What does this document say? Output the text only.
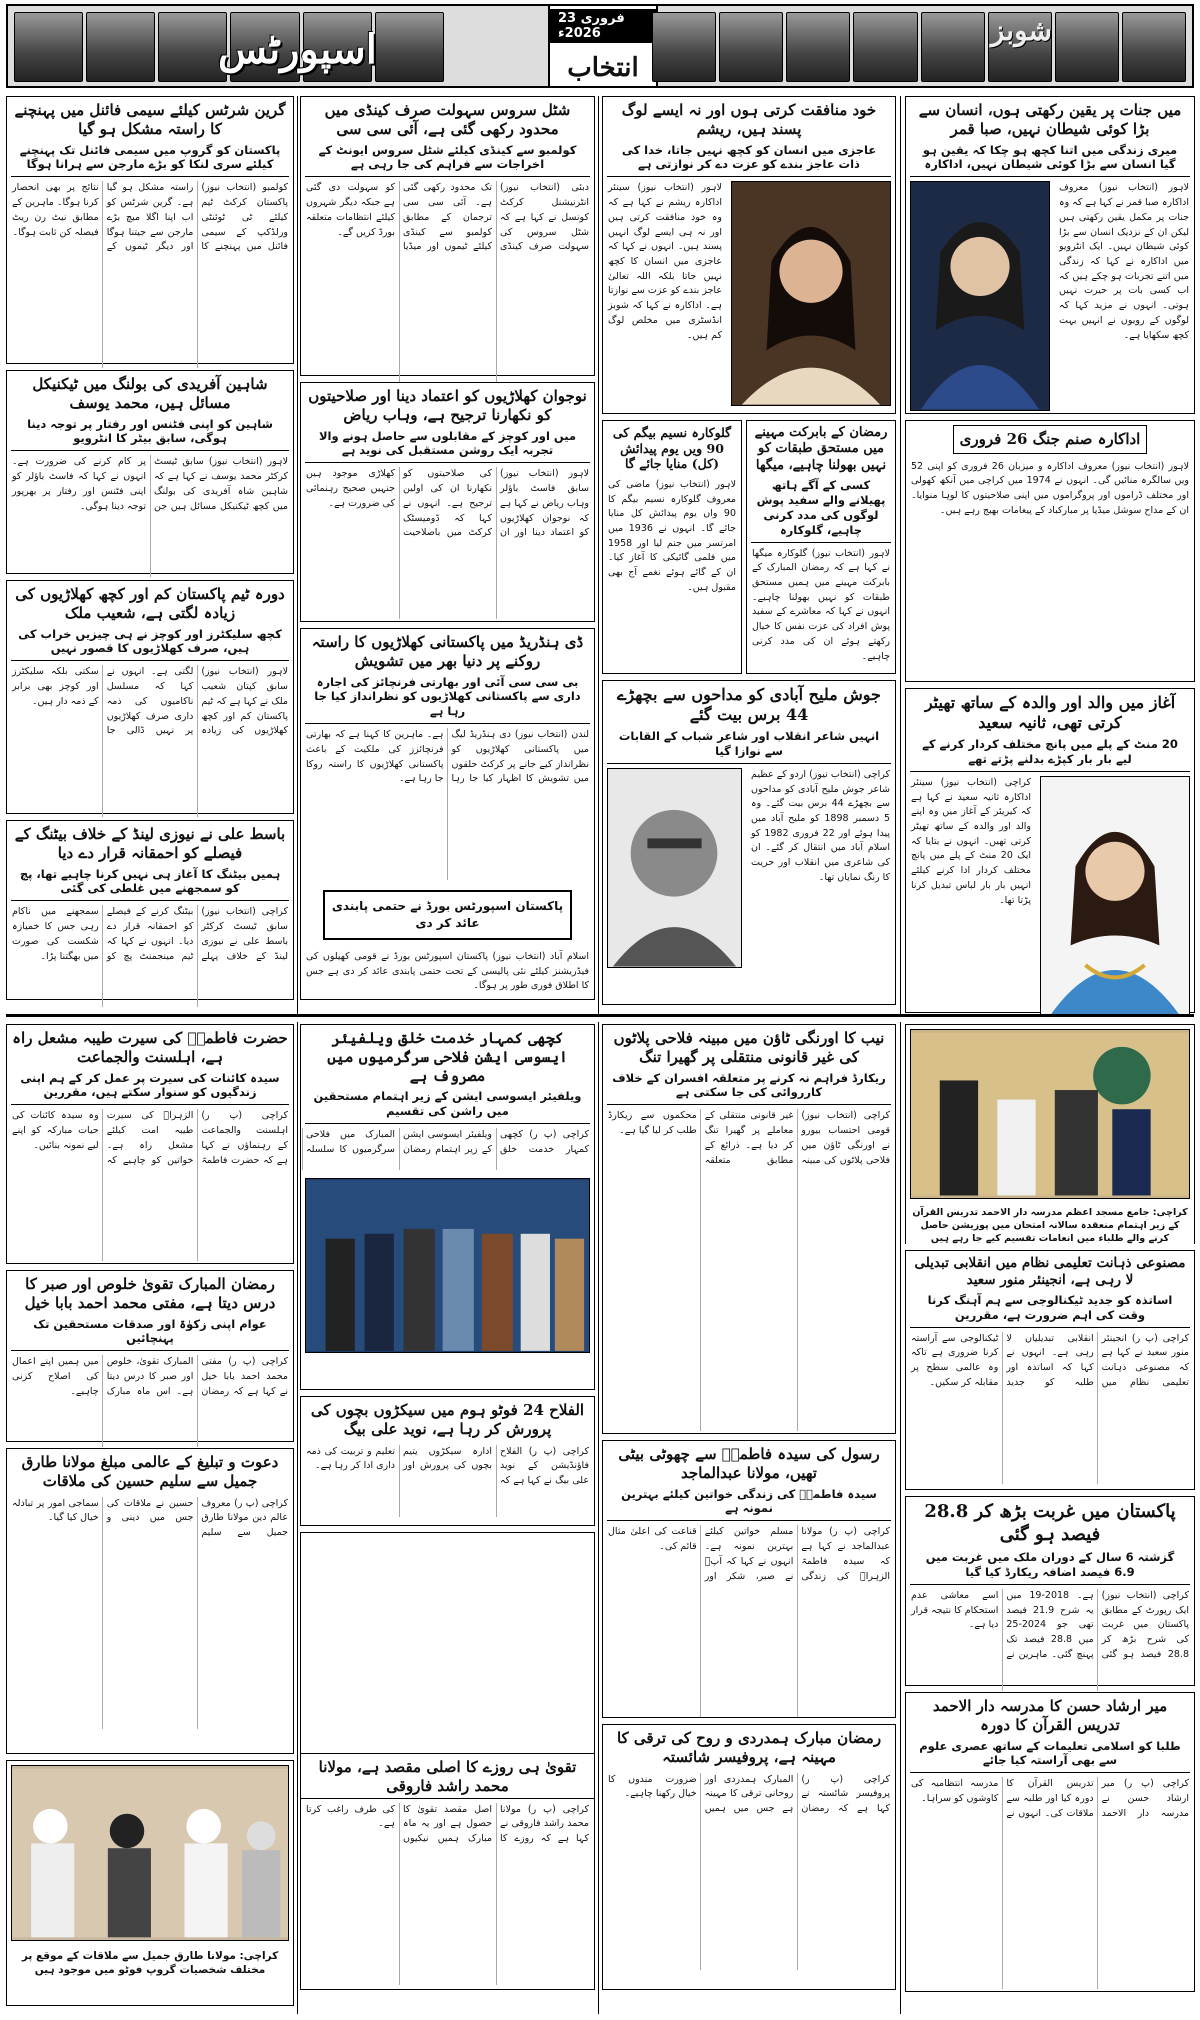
اسپورٹس
23 فروری 2026ء
انتخاب
شوبز
میں جنات پر یقین رکھتی ہوں، انسان سے بڑا کوئی شیطان نہیں، صبا قمر
میری زندگی میں اتنا کچھ ہو چکا کہ یقین ہو گیا انسان سے بڑا کوئی شیطان نہیں، اداکارہ
لاہور (انتخاب نیوز) معروف اداکارہ صبا قمر نے کہا ہے کہ وہ جنات پر مکمل یقین رکھتی ہیں لیکن ان کے نزدیک انسان سے بڑا کوئی شیطان نہیں۔ ایک انٹرویو میں اداکارہ نے کہا کہ زندگی میں اتنے تجربات ہو چکے ہیں کہ اب کسی بات پر حیرت نہیں ہوتی۔ انہوں نے مزید کہا کہ لوگوں کے رویوں نے انہیں بہت کچھ سکھایا ہے۔
اداکارہ صنم جنگ 26 فروری
لاہور (انتخاب نیوز) معروف اداکارہ و میزبان 26 فروری کو اپنی 52 ویں سالگرہ منائیں گی۔ انہوں نے 1974 میں کراچی میں آنکھ کھولی اور مختلف ڈراموں اور پروگراموں میں اپنی صلاحیتوں کا لوہا منوایا۔ ان کے مداح سوشل میڈیا پر مبارکباد کے پیغامات بھیج رہے ہیں۔
آغاز میں والد اور والدہ کے ساتھ تھیٹر کرتی تھی، ثانیہ سعید
20 منٹ کے پلے میں پانچ مختلف کردار کرنے کے لیے بار بار کپڑے بدلنے پڑتے تھے
کراچی (انتخاب نیوز) سینئر اداکارہ ثانیہ سعید نے کہا ہے کہ کیریئر کے آغاز میں وہ اپنے والد اور والدہ کے ساتھ تھیٹر کرتی تھیں۔ انہوں نے بتایا کہ ایک 20 منٹ کے پلے میں پانچ مختلف کردار ادا کرنے کیلئے انہیں بار بار لباس تبدیل کرنا پڑتا تھا۔
خود منافقت کرتی ہوں اور نہ ایسے لوگ پسند ہیں، ریشم
عاجزی میں انسان کو کچھ نہیں جاتا، خدا کی ذات عاجز بندے کو عزت دے کر نوازتی ہے
لاہور (انتخاب نیوز) سینئر اداکارہ ریشم نے کہا ہے کہ وہ خود منافقت کرتی ہیں اور نہ ہی ایسے لوگ انہیں پسند ہیں۔ انہوں نے کہا کہ عاجزی میں انسان کا کچھ نہیں جاتا بلکہ اللہ تعالیٰ عاجز بندے کو عزت سے نوازتا ہے۔ اداکارہ نے کہا کہ شوبز انڈسٹری میں مخلص لوگ کم ہیں۔
رمضان کے بابرکت مہینے میں مستحق طبقات کو نہیں بھولنا چاہیے، میگھا
کسی کے آگے ہاتھ پھیلانے والے سفید پوش لوگوں کی مدد کرنی چاہیے، گلوکارہ
لاہور (انتخاب نیوز) گلوکارہ میگھا نے کہا ہے کہ رمضان المبارک کے بابرکت مہینے میں ہمیں مستحق طبقات کو نہیں بھولنا چاہیے۔ انہوں نے کہا کہ معاشرے کے سفید پوش افراد کی عزت نفس کا خیال رکھتے ہوئے ان کی مدد کرنی چاہیے۔
گلوکارہ نسیم بیگم کی 90 ویں یوم پیدائش (کل) منایا جائے گا
لاہور (انتخاب نیوز) ماضی کی معروف گلوکارہ نسیم بیگم کا 90 واں یوم پیدائش کل منایا جائے گا۔ انہوں نے 1936 میں امرتسر میں جنم لیا اور 1958 میں فلمی گائیکی کا آغاز کیا۔ ان کے گائے ہوئے نغمے آج بھی مقبول ہیں۔
جوش ملیح آبادی کو مداحوں سے بچھڑے 44 برس بیت گئے
انہیں شاعر انقلاب اور شاعر شباب کے القابات سے نوازا گیا
کراچی (انتخاب نیوز) اردو کے عظیم شاعر جوش ملیح آبادی کو مداحوں سے بچھڑے 44 برس بیت گئے۔ وہ 5 دسمبر 1898 کو ملیح آباد میں پیدا ہوئے اور 22 فروری 1982 کو اسلام آباد میں انتقال کر گئے۔ ان کی شاعری میں انقلاب اور حریت کا رنگ نمایاں تھا۔
شٹل سروس سہولت صرف کینڈی میں محدود رکھی گئی ہے، آئی سی سی
کولمبو سے کینڈی کیلئے شٹل سروس ایونٹ کے اخراجات سے فراہم کی جا رہی ہے
دبئی (انتخاب نیوز) انٹرنیشنل کرکٹ کونسل نے کہا ہے کہ شٹل سروس کی سہولت صرف کینڈی تک محدود رکھی گئی ہے۔ آئی سی سی ترجمان کے مطابق کولمبو سے کینڈی کیلئے ٹیموں اور میڈیا کو سہولت دی گئی ہے جبکہ دیگر شہروں کیلئے انتظامات متعلقہ بورڈ کریں گے۔
نوجوان کھلاڑیوں کو اعتماد دینا اور صلاحیتوں کو نکھارنا ترجیح ہے، وہاب ریاض
میں اور کوچز کے مقابلوں سے حاصل ہونے والا تجربہ ایک روشن مستقبل کی نوید ہے
لاہور (انتخاب نیوز) سابق فاسٹ باؤلر وہاب ریاض نے کہا ہے کہ نوجوان کھلاڑیوں کو اعتماد دینا اور ان کی صلاحیتوں کو نکھارنا ان کی اولین ترجیح ہے۔ انہوں نے کہا کہ ڈومیسٹک کرکٹ میں باصلاحیت کھلاڑی موجود ہیں جنہیں صحیح رہنمائی کی ضرورت ہے۔
ڈی ہنڈریڈ میں پاکستانی کھلاڑیوں کا راستہ روکنے پر دنیا بھر میں تشویش
بی سی سی آئی اور بھارتی فرنچائز کی اجارہ داری سے پاکستانی کھلاڑیوں کو نظرانداز کیا جا رہا ہے
لندن (انتخاب نیوز) دی ہنڈریڈ لیگ میں پاکستانی کھلاڑیوں کو نظرانداز کیے جانے پر کرکٹ حلقوں میں تشویش کا اظہار کیا جا رہا ہے۔ ماہرین کا کہنا ہے کہ بھارتی فرنچائزز کی ملکیت کے باعث پاکستانی کھلاڑیوں کا راستہ روکا جا رہا ہے۔
پاکستان اسپورٹس بورڈ نے حتمی پابندی عائد کر دی
اسلام آباد (انتخاب نیوز) پاکستان اسپورٹس بورڈ نے قومی کھیلوں کی فیڈریشنز کیلئے نئی پالیسی کے تحت حتمی پابندی عائد کر دی ہے جس کا اطلاق فوری طور پر ہوگا۔
گرین شرٹس کیلئے سیمی فائنل میں پہنچنے کا راستہ مشکل ہو گیا
پاکستان کو گروپ میں سیمی فائنل تک پہنچنے کیلئے سری لنکا کو بڑے مارجن سے ہرانا ہوگا
کولمبو (انتخاب نیوز) پاکستان کرکٹ ٹیم کیلئے ٹی ٹوئنٹی ورلڈکپ کے سیمی فائنل میں پہنچنے کا راستہ مشکل ہو گیا ہے۔ گرین شرٹس کو اب اپنا اگلا میچ بڑے مارجن سے جیتنا ہوگا اور دیگر ٹیموں کے نتائج پر بھی انحصار کرنا ہوگا۔ ماہرین کے مطابق نیٹ رن ریٹ فیصلہ کن ثابت ہوگا۔
شاہین آفریدی کی بولنگ میں ٹیکنیکل مسائل ہیں، محمد یوسف
شاہین کو اپنی فٹنس اور رفتار پر توجہ دینا ہوگی، سابق بیٹر کا انٹرویو
لاہور (انتخاب نیوز) سابق ٹیسٹ کرکٹر محمد یوسف نے کہا ہے کہ شاہین شاہ آفریدی کی بولنگ میں کچھ ٹیکنیکل مسائل ہیں جن پر کام کرنے کی ضرورت ہے۔ انہوں نے کہا کہ فاسٹ باؤلر کو اپنی فٹنس اور رفتار پر بھرپور توجہ دینا ہوگی۔
دورہ ٹیم پاکستان کم اور کچھ کھلاڑیوں کی زیادہ لگتی ہے، شعیب ملک
کچھ سلیکٹرز اور کوچز نے ہی چیزیں خراب کی ہیں، صرف کھلاڑیوں کا قصور نہیں
لاہور (انتخاب نیوز) سابق کپتان شعیب ملک نے کہا ہے کہ ٹیم پاکستان کم اور کچھ کھلاڑیوں کی زیادہ لگتی ہے۔ انہوں نے کہا کہ مسلسل ناکامیوں کی ذمہ داری صرف کھلاڑیوں پر نہیں ڈالی جا سکتی بلکہ سلیکٹرز اور کوچز بھی برابر کے ذمہ دار ہیں۔
باسط علی نے نیوزی لینڈ کے خلاف بیٹنگ کے فیصلے کو احمقانہ قرار دے دیا
ہمیں بیٹنگ کا آغاز ہی نہیں کرنا چاہیے تھا، پچ کو سمجھنے میں غلطی کی گئی
کراچی (انتخاب نیوز) سابق ٹیسٹ کرکٹر باسط علی نے نیوزی لینڈ کے خلاف پہلے بیٹنگ کرنے کے فیصلے کو احمقانہ قرار دے دیا۔ انہوں نے کہا کہ ٹیم مینجمنٹ پچ کو سمجھنے میں ناکام رہی جس کا خمیازہ شکست کی صورت میں بھگتنا پڑا۔
کراچی: جامع مسجد اعظم مدرسہ دار الاحمد تدریس القرآن کے زیر اہتمام منعقدہ سالانہ امتحان میں پوزیشن حاصل کرنے والے طلباء میں انعامات تقسیم کیے جا رہے ہیں
مصنوعی ذہانت تعلیمی نظام میں انقلابی تبدیلی لا رہی ہے، انجینئر منور سعید
اساتذہ کو جدید ٹیکنالوجی سے ہم آہنگ کرنا وقت کی اہم ضرورت ہے، مقررین
کراچی (پ ر) انجینئر منور سعید نے کہا ہے کہ مصنوعی ذہانت تعلیمی نظام میں انقلابی تبدیلیاں لا رہی ہے۔ انہوں نے کہا کہ اساتذہ اور طلبہ کو جدید ٹیکنالوجی سے آراستہ کرنا ضروری ہے تاکہ وہ عالمی سطح پر مقابلہ کر سکیں۔
پاکستان میں غربت بڑھ کر 28.8 فیصد ہو گئی
گزشتہ 6 سال کے دوران ملک میں غربت میں 6.9 فیصد اضافہ ریکارڈ کیا گیا
کراچی (انتخاب نیوز) ایک رپورٹ کے مطابق پاکستان میں غربت کی شرح بڑھ کر 28.8 فیصد ہو گئی ہے۔ 2018-19 میں یہ شرح 21.9 فیصد تھی جو 2024-25 میں 28.8 فیصد تک پہنچ گئی۔ ماہرین نے اسے معاشی عدم استحکام کا نتیجہ قرار دیا ہے۔
میر ارشاد حسن کا مدرسہ دار الاحمد تدریس القرآن کا دورہ
طلبا کو اسلامی تعلیمات کے ساتھ عصری علوم سے بھی آراستہ کیا جائے
کراچی (پ ر) میر ارشاد حسن نے مدرسہ دار الاحمد تدریس القرآن کا دورہ کیا اور طلبہ سے ملاقات کی۔ انہوں نے مدرسہ انتظامیہ کی کاوشوں کو سراہا۔
نیب کا اورنگی ٹاؤن میں مبینہ فلاحی پلاٹوں کی غیر قانونی منتقلی پر گھیرا تنگ
ریکارڈ فراہم نہ کرنے پر متعلقہ افسران کے خلاف کارروائی کی جا سکتی ہے
کراچی (انتخاب نیوز) قومی احتساب بیورو نے اورنگی ٹاؤن میں فلاحی پلاٹوں کی مبینہ غیر قانونی منتقلی کے معاملے پر گھیرا تنگ کر دیا ہے۔ ذرائع کے مطابق متعلقہ محکموں سے ریکارڈ طلب کر لیا گیا ہے۔
رسول کی سیدہ فاطمہؓ سے چھوٹی بیٹی تھیں، مولانا عبدالماجد
سیدہ فاطمہؓ کی زندگی خواتین کیلئے بہترین نمونہ ہے
کراچی (پ ر) مولانا عبدالماجد نے کہا ہے کہ سیدہ فاطمۃ الزہراؓ کی زندگی مسلم خواتین کیلئے بہترین نمونہ ہے۔ انہوں نے کہا کہ آپؓ نے صبر، شکر اور قناعت کی اعلیٰ مثال قائم کی۔
رمضان مبارک ہمدردی و روح کی ترقی کا مہینہ ہے، پروفیسر شائستہ
کراچی (پ ر) پروفیسر شائستہ نے کہا ہے کہ رمضان المبارک ہمدردی اور روحانی ترقی کا مہینہ ہے جس میں ہمیں ضرورت مندوں کا خیال رکھنا چاہیے۔
کچھی کمہار خدمت خلق ویلفیئر ایسوسی ایشن فلاحی سرگرمیوں میں مصروف ہے
ویلفیئر ایسوسی ایشن کے زیر اہتمام مستحقین میں راشن کی تقسیم
کراچی (پ ر) کچھی کمہار خدمت خلق ویلفیئر ایسوسی ایشن کے زیر اہتمام رمضان المبارک میں فلاحی سرگرمیوں کا سلسلہ
الفلاح 24 فوٹو ہوم میں سیکڑوں بچوں کی پرورش کر رہا ہے، نوید علی بیگ
کراچی (پ ر) الفلاح فاؤنڈیشن کے نوید علی بیگ نے کہا ہے کہ ادارہ سیکڑوں یتیم بچوں کی پرورش اور تعلیم و تربیت کی ذمہ داری ادا کر رہا ہے۔
تقویٰ ہی روزے کا اصلی مقصد ہے، مولانا محمد راشد فاروقی
کراچی (پ ر) مولانا محمد راشد فاروقی نے کہا ہے کہ روزے کا اصل مقصد تقویٰ کا حصول ہے اور یہ ماہ مبارک ہمیں نیکیوں کی طرف راغب کرتا ہے۔
حضرت فاطمہؓ کی سیرت طیبہ مشعل راہ ہے، اہلسنت والجماعت
سیدہ کائنات کی سیرت پر عمل کر کے ہم اپنی زندگیوں کو سنوار سکتے ہیں، مقررین
کراچی (پ ر) اہلسنت والجماعت کے رہنماؤں نے کہا ہے کہ حضرت فاطمۃ الزہراؓ کی سیرت طیبہ امت کیلئے مشعل راہ ہے۔ خواتین کو چاہیے کہ وہ سیدہ کائنات کی حیات مبارکہ کو اپنے لیے نمونہ بنائیں۔
رمضان المبارک تقویٰ خلوص اور صبر کا درس دیتا ہے، مفتی محمد احمد بابا خیل
عوام اپنی زکوٰۃ اور صدقات مستحقین تک پہنچائیں
کراچی (پ ر) مفتی محمد احمد بابا خیل نے کہا ہے کہ رمضان المبارک تقویٰ، خلوص اور صبر کا درس دیتا ہے۔ اس ماہ مبارک میں ہمیں اپنے اعمال کی اصلاح کرنی چاہیے۔
دعوت و تبلیغ کے عالمی مبلغ مولانا طارق جمیل سے سلیم حسین کی ملاقات
کراچی (پ ر) معروف عالم دین مولانا طارق جمیل سے سلیم حسین نے ملاقات کی جس میں دینی و سماجی امور پر تبادلہ خیال کیا گیا۔
کراچی: مولانا طارق جمیل سے ملاقات کے موقع پر مختلف شخصیات گروپ فوٹو میں موجود ہیں
